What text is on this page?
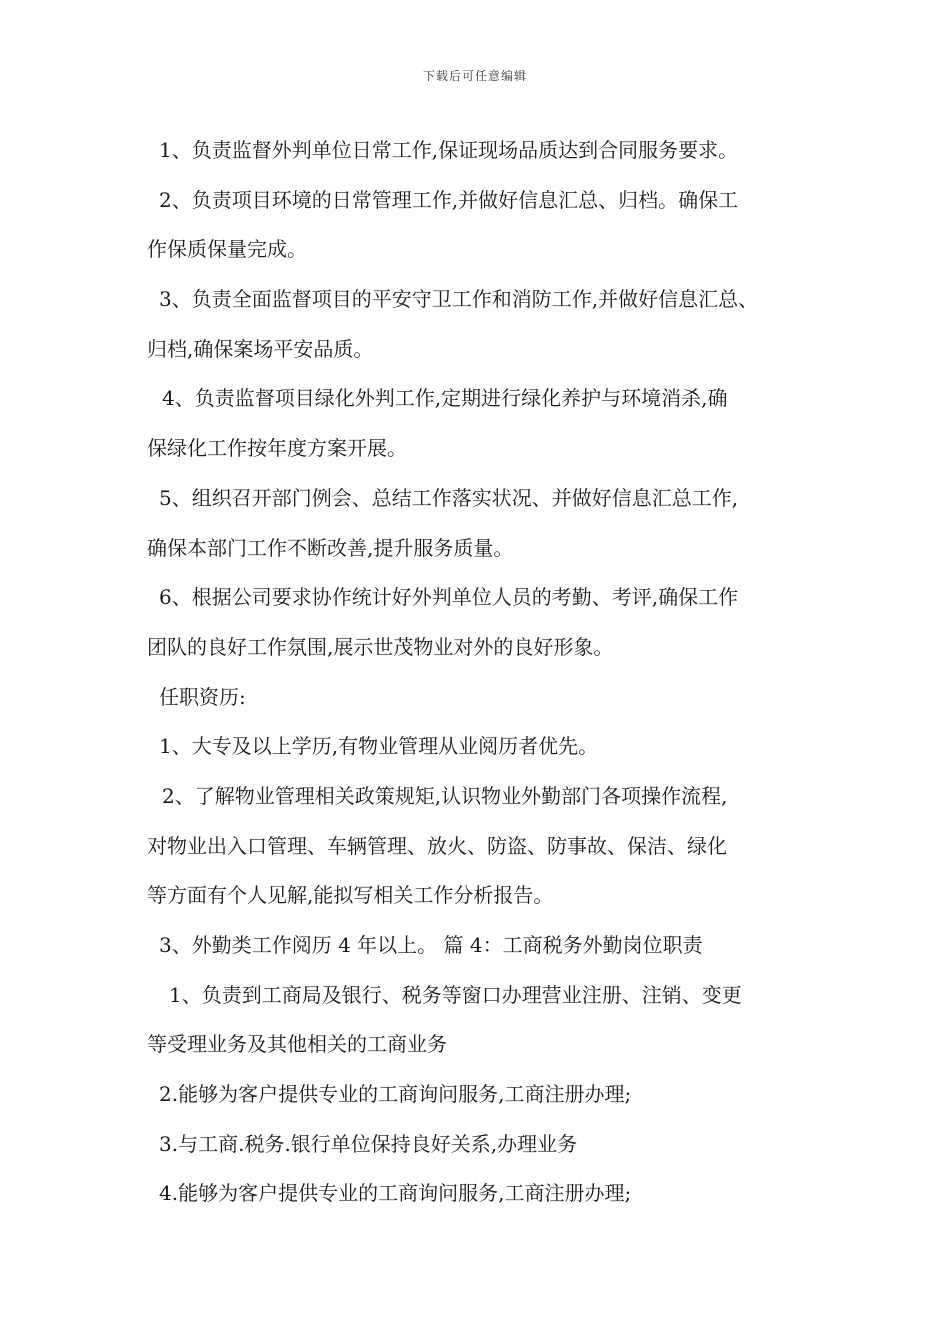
下载后可任意编辑
1、负责监督外判单位日常工作,保证现场品质达到合同服务要求。
2、负责项目环境的日常管理工作,并做好信息汇总、归档。确保工
作保质保量完成。
3、负责全面监督项目的平安守卫工作和消防工作,并做好信息汇总、
归档,确保案场平安品质。
4、负责监督项目绿化外判工作,定期进行绿化养护与环境消杀,确
保绿化工作按年度方案开展。
5、组织召开部门例会、总结工作落实状况、并做好信息汇总工作,
确保本部门工作不断改善,提升服务质量。
6、根据公司要求协作统计好外判单位人员的考勤、考评,确保工作
团队的良好工作氛围,展示世茂物业对外的良好形象。
任职资历:
1、大专及以上学历,有物业管理从业阅历者优先。
2、了解物业管理相关政策规矩,认识物业外勤部门各项操作流程,
对物业出入口管理、车辆管理、放火、防盗、防事故、保洁、绿化
等方面有个人见解,能拟写相关工作分析报告。
3、外勤类工作阅历 4 年以上。 篇 4：工商税务外勤岗位职责
1、负责到工商局及银行、税务等窗口办理营业注册、注销、变更
等受理业务及其他相关的工商业务
2.能够为客户提供专业的工商询问服务,工商注册办理;
3.与工商.税务.银行单位保持良好关系,办理业务
4.能够为客户提供专业的工商询问服务,工商注册办理;
